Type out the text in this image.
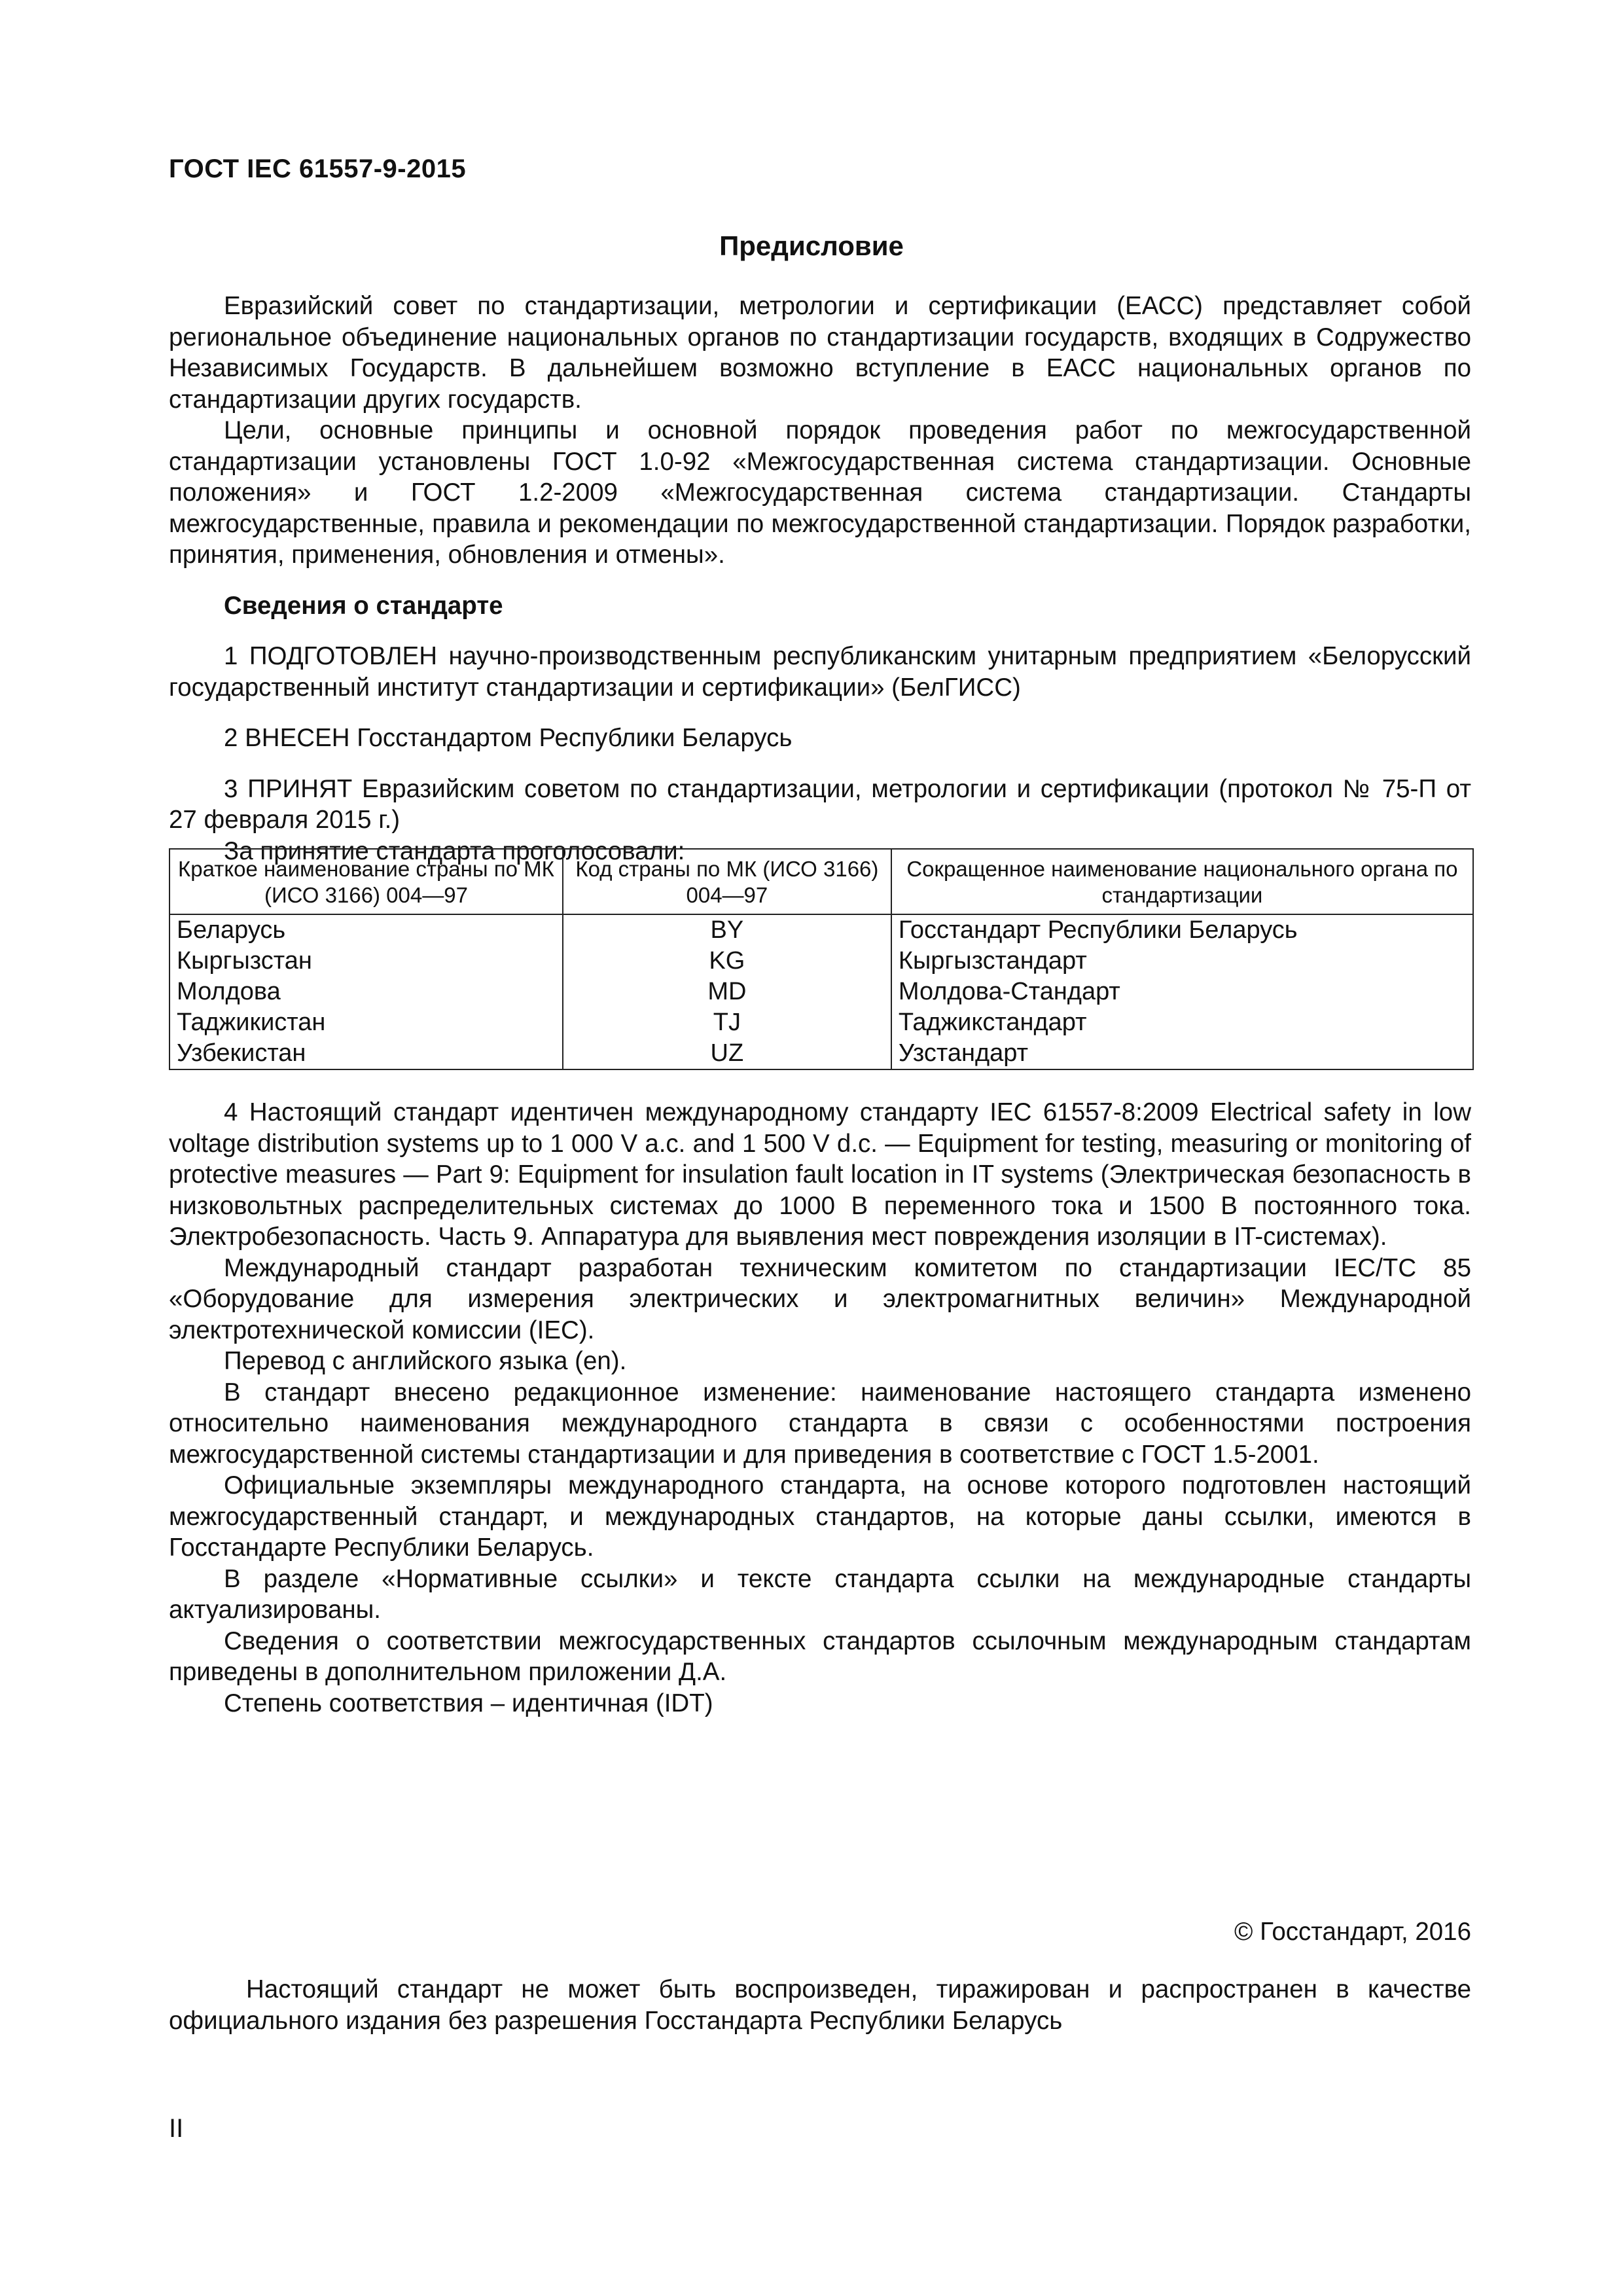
ГОСТ IEC 61557-9-2015
Предисловие

Евразийский совет по стандартизации, метрологии и сертификации (ЕАСС) представляет собой региональное объединение национальных органов по стандартизации государств, входящих в Содружество Независимых Государств. В дальнейшем возможно вступление в ЕАСС национальных органов по стандартизации других государств.

Цели, основные принципы и основной порядок проведения работ по межгосударственной стандартизации установлены ГОСТ 1.0-92 «Межгосударственная система стандартизации. Основные положения» и ГОСТ 1.2-2009 «Межгосударственная система стандартизации. Стандарты межгосударственные, правила и рекомендации по межгосударственной стандартизации. Порядок разработки, принятия, применения, обновления и отмены».

Сведения о стандарте

1 ПОДГОТОВЛЕН научно-производственным республиканским унитарным предприятием «Белорусский государственный институт стандартизации и сертификации» (БелГИСС)

2 ВНЕСЕН Госстандартом Республики Беларусь

3 ПРИНЯТ Евразийским советом по стандартизации, метрологии и сертификации (протокол № 75-П от 27 февраля 2015 г.)

За принятие стандарта проголосовали:

Краткое наименование страны по МК (ИСО 3166) 004—97	Код страны по МК (ИСО 3166) 004—97	Сокращенное наименование национального органа по стандартизации
Беларусь	BY	Госстандарт Республики Беларусь
Кыргызстан	KG	Кыргызстандарт
Молдова	MD	Молдова-Стандарт
Таджикистан	TJ	Таджикстандарт
Узбекистан	UZ	Узстандарт

4 Настоящий стандарт идентичен международному стандарту IEC 61557-8:2009 Electrical safety in low voltage distribution systems up to 1 000 V a.c. and 1 500 V d.c. — Equipment for testing, measuring or monitoring of protective measures — Part 9: Equipment for insulation fault location in IT systems (Электрическая безопасность в низковольтных распределительных системах до 1000 В переменного тока и 1500 В постоянного тока. Электробезопасность. Часть 9. Аппаратура для выявления мест повреждения изоляции в IT-системах).

Международный стандарт разработан техническим комитетом по стандартизации IEC/TC 85 «Оборудование для измерения электрических и электромагнитных величин» Международной электротехнической комиссии (IEC).

Перевод с английского языка (en).

В стандарт внесено редакционное изменение: наименование настоящего стандарта изменено относительно наименования международного стандарта в связи с особенностями построения межгосударственной системы стандартизации и для приведения в соответствие с ГОСТ 1.5-2001.

Официальные экземпляры международного стандарта, на основе которого подготовлен настоящий межгосударственный стандарт, и международных стандартов, на которые даны ссылки, имеются в Госстандарте Республики Беларусь.

В разделе «Нормативные ссылки» и тексте стандарта ссылки на международные стандарты актуализированы.

Сведения о соответствии межгосударственных стандартов ссылочным международным стандартам приведены в дополнительном приложении Д.А.

Степень соответствия – идентичная (IDT)

© Госстандарт, 2016

Настоящий стандарт не может быть воспроизведен, тиражирован и распространен в качестве официального издания без разрешения Госстандарта Республики Беларусь

II
